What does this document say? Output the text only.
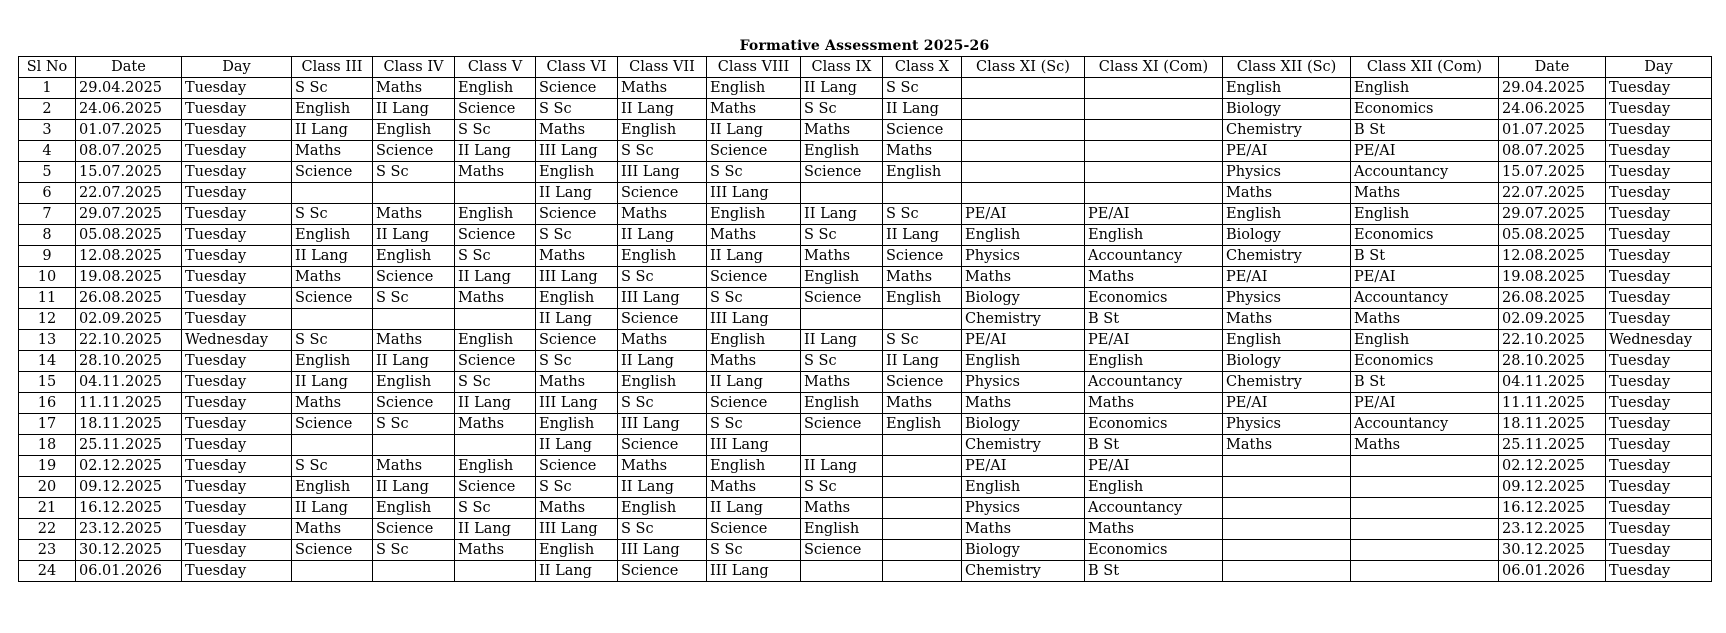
Formative Assessment 2025-26
Sl No	Date	Day	Class III	Class IV	Class V	Class VI	Class VII	Class VIII	Class IX	Class X	Class XI (Sc)	Class XI (Com)	Class XII (Sc)	Class XII (Com)	Date	Day
1	29.04.2025	Tuesday	S Sc	Maths	English	Science	Maths	English	II Lang	S Sc			English	English	29.04.2025	Tuesday
2	24.06.2025	Tuesday	English	II Lang	Science	S Sc	II Lang	Maths	S Sc	II Lang			Biology	Economics	24.06.2025	Tuesday
3	01.07.2025	Tuesday	II Lang	English	S Sc	Maths	English	II Lang	Maths	Science			Chemistry	B St	01.07.2025	Tuesday
4	08.07.2025	Tuesday	Maths	Science	II Lang	III Lang	S Sc	Science	English	Maths			PE/AI	PE/AI	08.07.2025	Tuesday
5	15.07.2025	Tuesday	Science	S Sc	Maths	English	III Lang	S Sc	Science	English			Physics	Accountancy	15.07.2025	Tuesday
6	22.07.2025	Tuesday				II Lang	Science	III Lang					Maths	Maths	22.07.2025	Tuesday
7	29.07.2025	Tuesday	S Sc	Maths	English	Science	Maths	English	II Lang	S Sc	PE/AI	PE/AI	English	English	29.07.2025	Tuesday
8	05.08.2025	Tuesday	English	II Lang	Science	S Sc	II Lang	Maths	S Sc	II Lang	English	English	Biology	Economics	05.08.2025	Tuesday
9	12.08.2025	Tuesday	II Lang	English	S Sc	Maths	English	II Lang	Maths	Science	Physics	Accountancy	Chemistry	B St	12.08.2025	Tuesday
10	19.08.2025	Tuesday	Maths	Science	II Lang	III Lang	S Sc	Science	English	Maths	Maths	Maths	PE/AI	PE/AI	19.08.2025	Tuesday
11	26.08.2025	Tuesday	Science	S Sc	Maths	English	III Lang	S Sc	Science	English	Biology	Economics	Physics	Accountancy	26.08.2025	Tuesday
12	02.09.2025	Tuesday				II Lang	Science	III Lang			Chemistry	B St	Maths	Maths	02.09.2025	Tuesday
13	22.10.2025	Wednesday	S Sc	Maths	English	Science	Maths	English	II Lang	S Sc	PE/AI	PE/AI	English	English	22.10.2025	Wednesday
14	28.10.2025	Tuesday	English	II Lang	Science	S Sc	II Lang	Maths	S Sc	II Lang	English	English	Biology	Economics	28.10.2025	Tuesday
15	04.11.2025	Tuesday	II Lang	English	S Sc	Maths	English	II Lang	Maths	Science	Physics	Accountancy	Chemistry	B St	04.11.2025	Tuesday
16	11.11.2025	Tuesday	Maths	Science	II Lang	III Lang	S Sc	Science	English	Maths	Maths	Maths	PE/AI	PE/AI	11.11.2025	Tuesday
17	18.11.2025	Tuesday	Science	S Sc	Maths	English	III Lang	S Sc	Science	English	Biology	Economics	Physics	Accountancy	18.11.2025	Tuesday
18	25.11.2025	Tuesday				II Lang	Science	III Lang			Chemistry	B St	Maths	Maths	25.11.2025	Tuesday
19	02.12.2025	Tuesday	S Sc	Maths	English	Science	Maths	English	II Lang		PE/AI	PE/AI			02.12.2025	Tuesday
20	09.12.2025	Tuesday	English	II Lang	Science	S Sc	II Lang	Maths	S Sc		English	English			09.12.2025	Tuesday
21	16.12.2025	Tuesday	II Lang	English	S Sc	Maths	English	II Lang	Maths		Physics	Accountancy			16.12.2025	Tuesday
22	23.12.2025	Tuesday	Maths	Science	II Lang	III Lang	S Sc	Science	English		Maths	Maths			23.12.2025	Tuesday
23	30.12.2025	Tuesday	Science	S Sc	Maths	English	III Lang	S Sc	Science		Biology	Economics			30.12.2025	Tuesday
24	06.01.2026	Tuesday				II Lang	Science	III Lang			Chemistry	B St			06.01.2026	Tuesday
